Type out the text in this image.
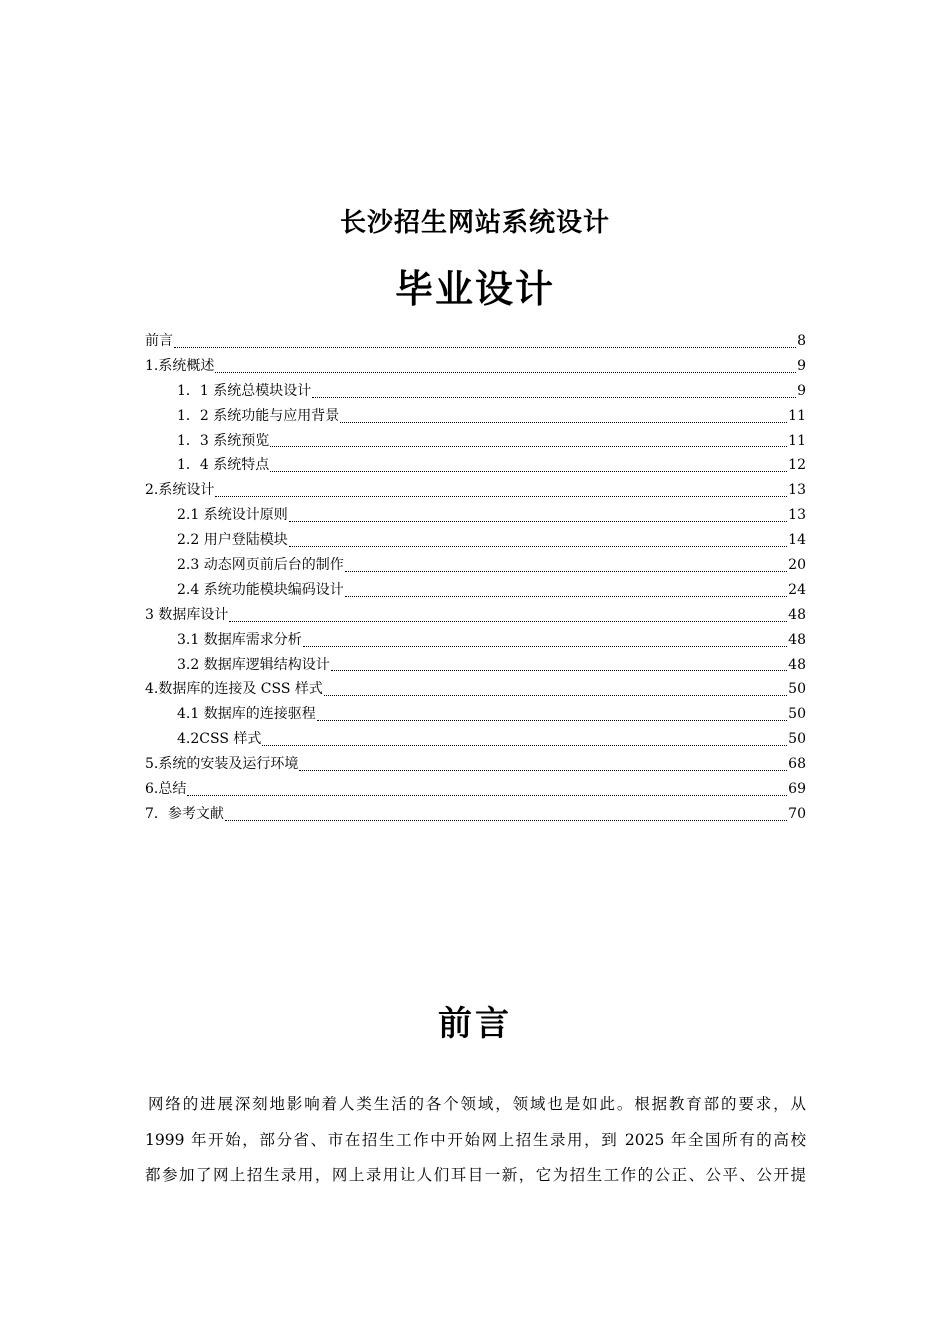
长沙招生网站系统设计
毕业设计
前言	8
1.系统概述	9
1．1 系统总模块设计	9
1．2 系统功能与应用背景	11
1．3 系统预览	11
1．4 系统特点	12
2.系统设计	13
2.1 系统设计原则	13
2.2 用户登陆模块	14
2.3 动态网页前后台的制作	20
2.4 系统功能模块编码设计	24
3 数据库设计	48
3.1 数据库需求分析	48
3.2 数据库逻辑结构设计	48
4.数据库的连接及 CSS 样式	50
4.1 数据库的连接驱程	50
4.2CSS 样式	50
5.系统的安装及运行环境	68
6.总结	69
7．参考文献	70
前言
网络的进展深刻地影响着人类生活的各个领域，领域也是如此。根据教育部的要求，从
1999 年开始，部分省、市在招生工作中开始网上招生录用，到 2025 年全国所有的高校
都参加了网上招生录用，网上录用让人们耳目一新，它为招生工作的公正、公平、公开提
